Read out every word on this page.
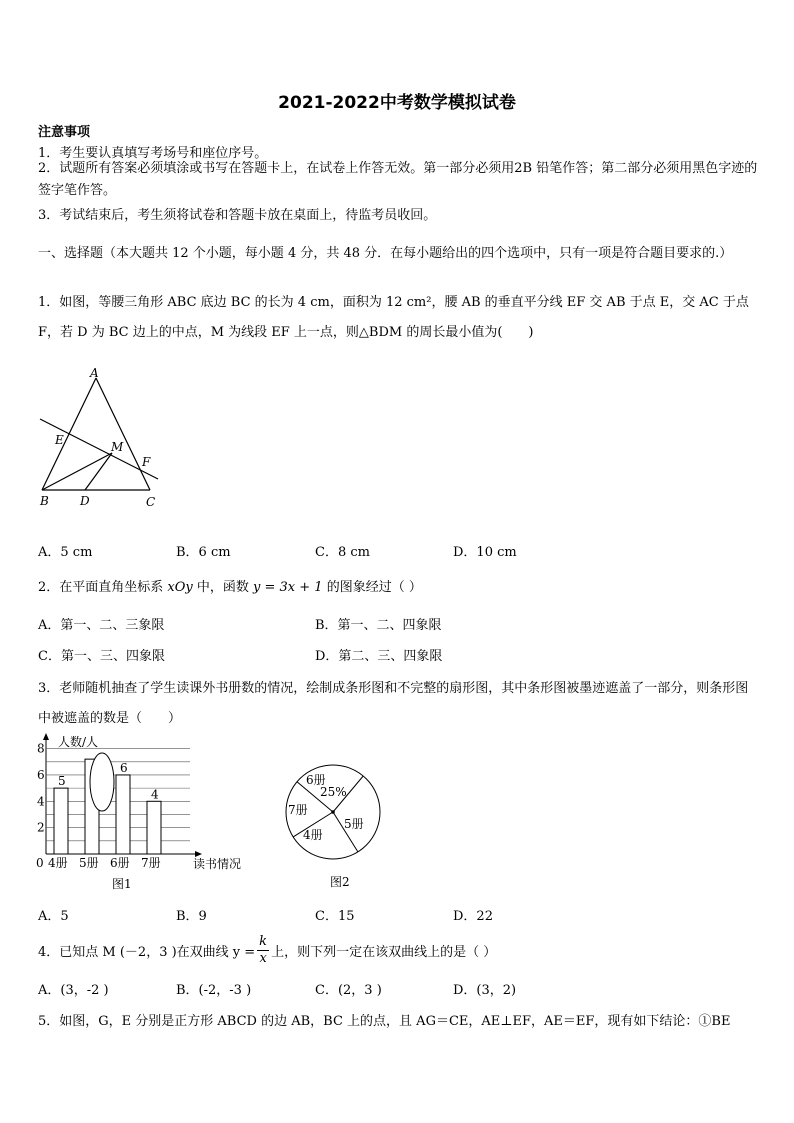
2021-2022中考数学模拟试卷
注意事项
1．考生要认真填写考场号和座位序号。
2．试题所有答案必须填涂或书写在答题卡上，在试卷上作答无效。第一部分必须用2B 铅笔作答；第二部分必须用黑色字迹的签字笔作答。
3．考试结束后，考生须将试卷和答题卡放在桌面上，待监考员收回。
一、选择题（本大题共 12 个小题，每小题 4 分，共 48 分．在每小题给出的四个选项中，只有一项是符合题目要求的.）
1．如图，等腰三角形 ABC 底边 BC 的长为 4 cm，面积为 12 cm²，腰 AB 的垂直平分线 EF 交 AB 于点 E，交 AC 于点 F，若 D 为 BC 边上的中点，M 为线段 EF 上一点，则△BDM 的周长最小值为(　　)
A
E	M
F
B	D	C
A．5 cm	B．6 cm	C．8 cm	D．10 cm
2．在平面直角坐标系 xOy 中，函数 y = 3x + 1 的图象经过（ ）
A．第一、二、三象限	B．第一、二、四象限
C．第一、三、四象限	D．第二、三、四象限
3．老师随机抽查了学生读课外书册数的情况，绘制成条形图和不完整的扇形图，其中条形图被墨迹遮盖了一部分，则条形图中被遮盖的数是（　　）
0
2
4
6
8
4册 5册 6册 7册
5
6
4
人数/人
读书情况
图1
6册
25%
5册
4册
7册
图2
A．5	B．9	C．15	D．22
4．已知点 M (－2，3 )在双曲线 $y = \frac{k}{x}$ 上，则下列一定在该双曲线上的是（ ）
A．(3，-2 )	B．(-2，-3 )	C．(2，3 )	D．(3，2)
5．如图，G，E 分别是正方形 ABCD 的边 AB，BC 上的点，且 AG＝CE，AE⊥EF，AE＝EF，现有如下结论：①BE
